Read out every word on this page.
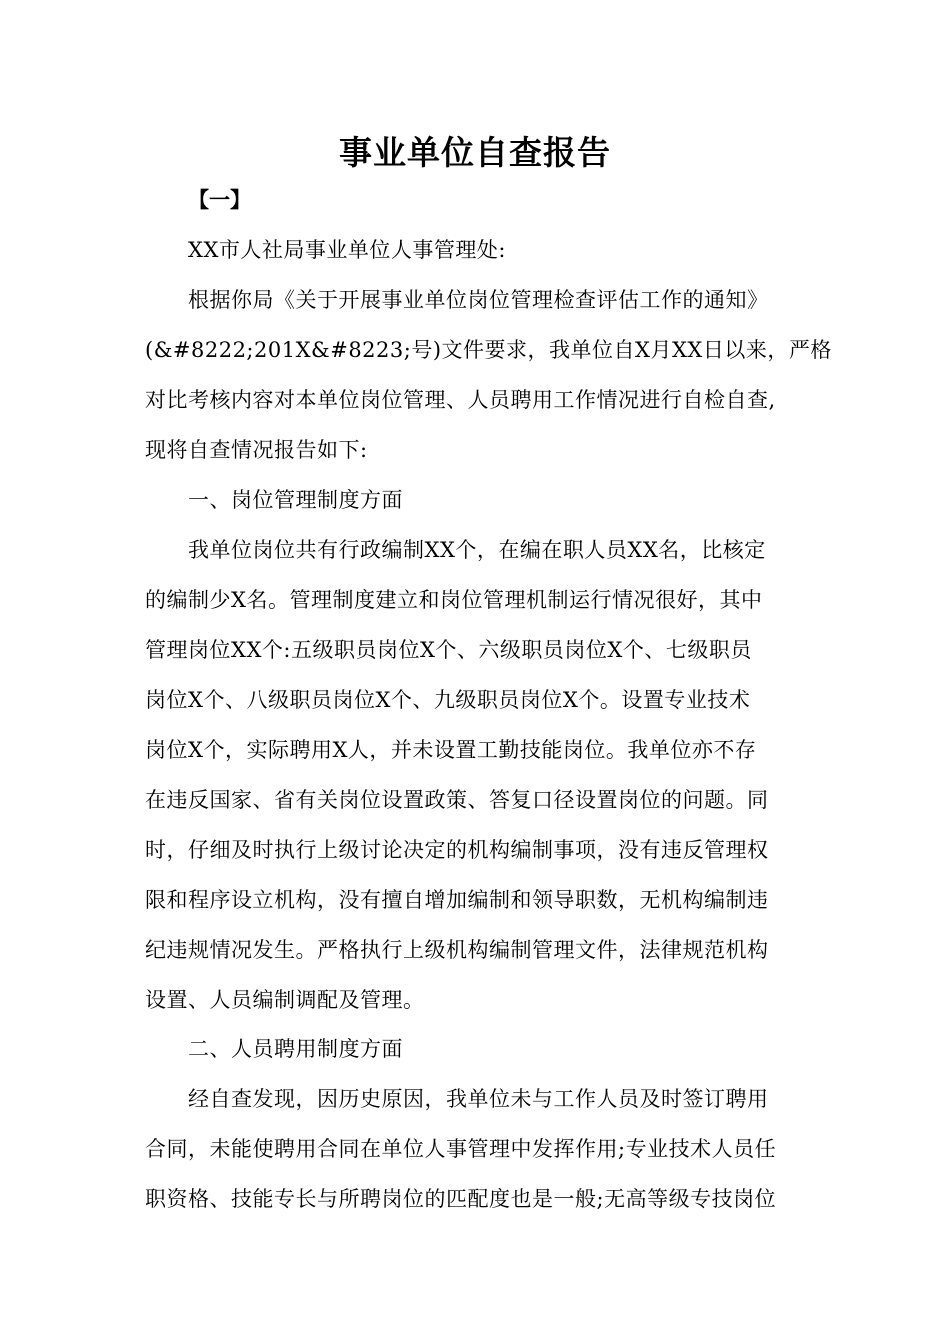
事业单位自查报告
【一】
XX市人社局事业单位人事管理处:
根据你局《关于开展事业单位岗位管理检查评估工作的通知》
(&#8222;201X&#8223;号)文件要求，我单位自X月XX日以来，严格
对比考核内容对本单位岗位管理、人员聘用工作情况进行自检自查,
现将自查情况报告如下:
一、岗位管理制度方面
我单位岗位共有行政编制XX个，在编在职人员XX名，比核定
的编制少X名。管理制度建立和岗位管理机制运行情况很好，其中
管理岗位XX个:五级职员岗位X个、六级职员岗位X个、七级职员
岗位X个、八级职员岗位X个、九级职员岗位X个。设置专业技术
岗位X个，实际聘用X人，并未设置工勤技能岗位。我单位亦不存
在违反国家、省有关岗位设置政策、答复口径设置岗位的问题。同
时，仔细及时执行上级讨论决定的机构编制事项，没有违反管理权
限和程序设立机构，没有擅自增加编制和领导职数，无机构编制违
纪违规情况发生。严格执行上级机构编制管理文件，法律规范机构
设置、人员编制调配及管理。
二、人员聘用制度方面
经自查发现，因历史原因，我单位未与工作人员及时签订聘用
合同，未能使聘用合同在单位人事管理中发挥作用;专业技术人员任
职资格、技能专长与所聘岗位的匹配度也是一般;无高等级专技岗位
